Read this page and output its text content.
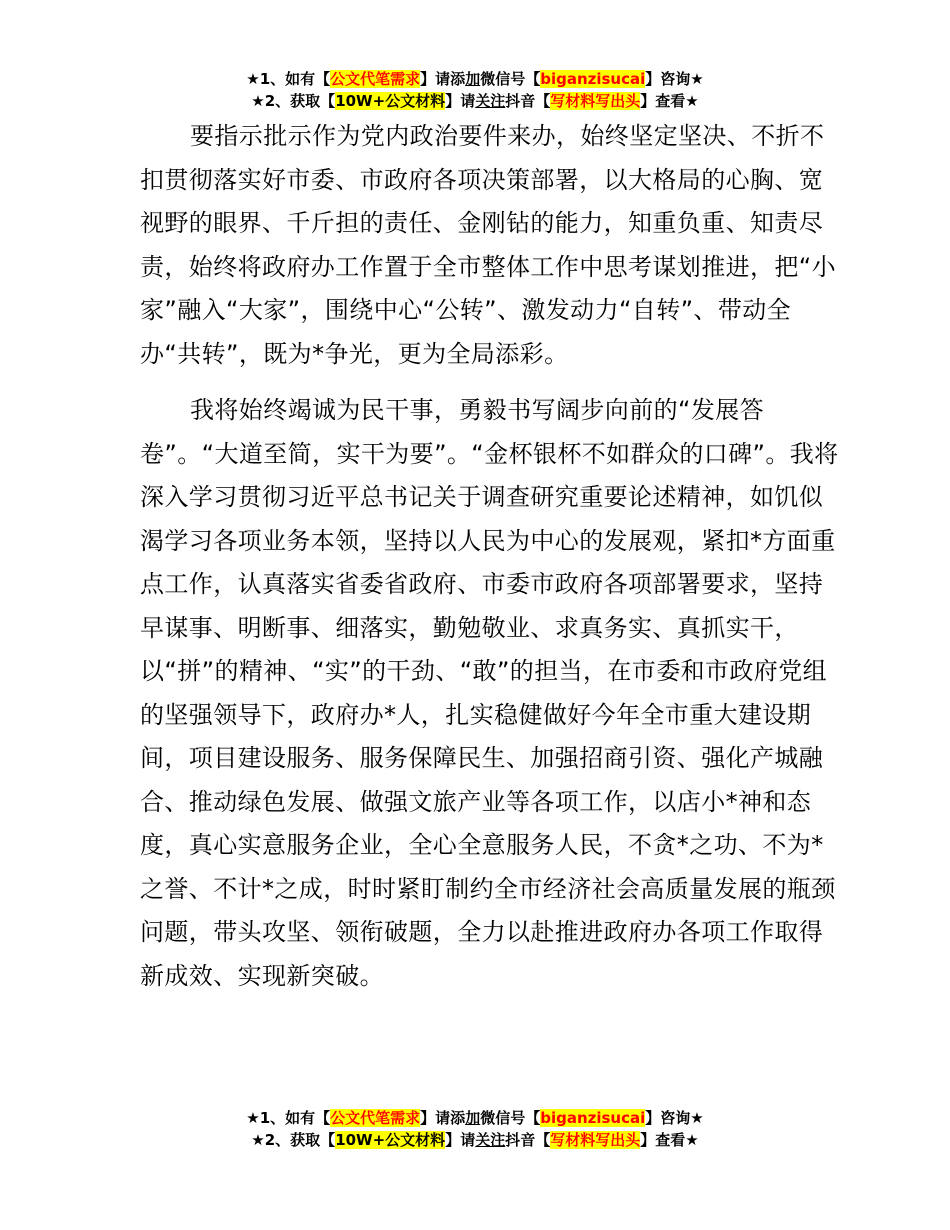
★1、如有【公文代笔需求】请添加微信号【biganzisucai】咨询★
★2、获取【10W+公文材料】请关注抖音【写材料写出头】查看★

要指示批示作为党内政治要件来办，始终坚定坚决、不折不扣贯彻落实好市委、市政府各项决策部署，以大格局的心胸、宽视野的眼界、千斤担的责任、金刚钻的能力，知重负重、知责尽责，始终将政府办工作置于全市整体工作中思考谋划推进，把“小家”融入“大家”，围绕中心“公转”、激发动力“自转”、带动全办“共转”，既为*争光，更为全局添彩。

我将始终竭诚为民干事，勇毅书写阔步向前的“发展答卷”。“大道至简，实干为要”。“金杯银杯不如群众的口碑”。我将深入学习贯彻习近平总书记关于调查研究重要论述精神，如饥似渴学习各项业务本领，坚持以人民为中心的发展观，紧扣*方面重点工作，认真落实省委省政府、市委市政府各项部署要求，坚持早谋事、明断事、细落实，勤勉敬业、求真务实、真抓实干，以“拼”的精神、“实”的干劲、“敢”的担当，在市委和市政府党组的坚强领导下，政府办*人，扎实稳健做好今年全市重大建设期间，项目建设服务、服务保障民生、加强招商引资、强化产城融合、推动绿色发展、做强文旅产业等各项工作，以店小*神和态度，真心实意服务企业，全心全意服务人民，不贪*之功、不为*之誉、不计*之成，时时紧盯制约全市经济社会高质量发展的瓶颈问题，带头攻坚、领衔破题，全力以赴推进政府办各项工作取得新成效、实现新突破。

★1、如有【公文代笔需求】请添加微信号【biganzisucai】咨询★
★2、获取【10W+公文材料】请关注抖音【写材料写出头】查看★
